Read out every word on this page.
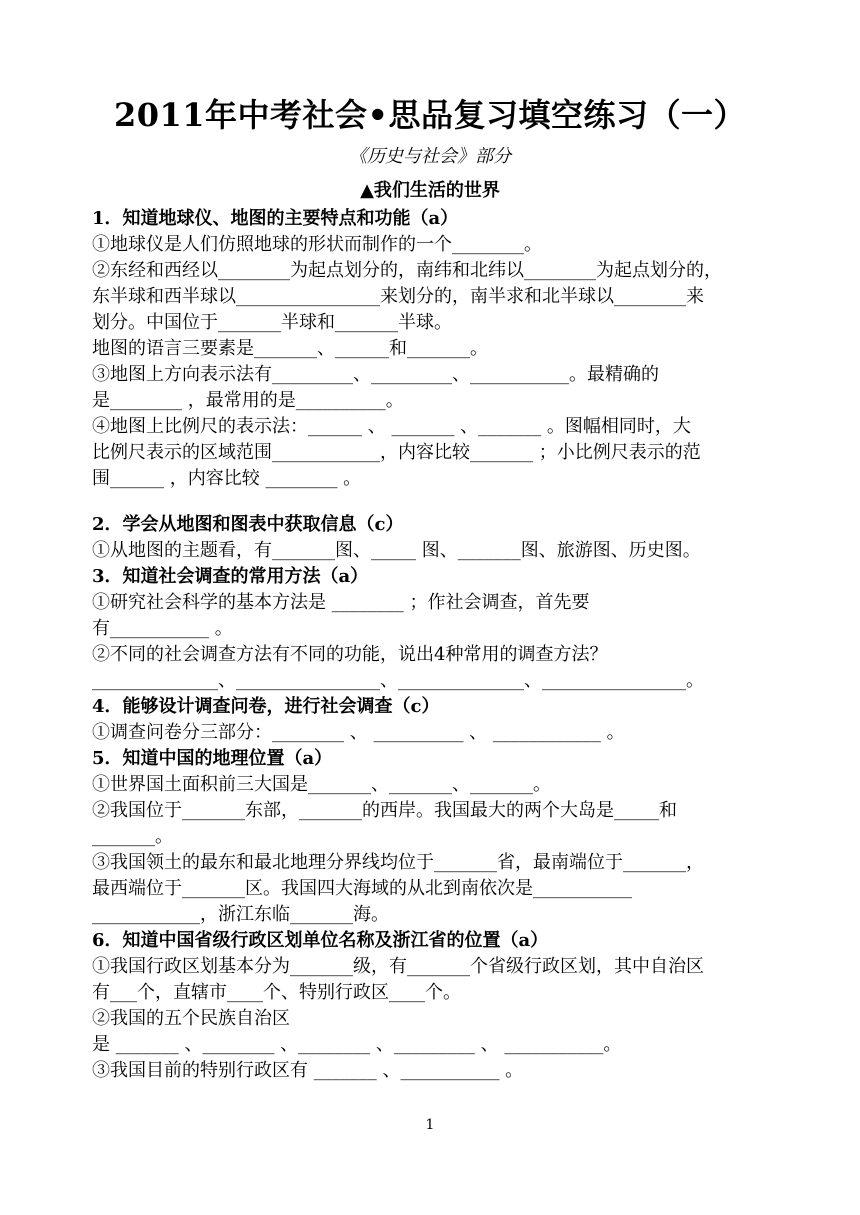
2011年中考社会•思品复习填空练习（一）
《历史与社会》部分
▲我们生活的世界
1．知道地球仪、地图的主要特点和功能（a）
①地球仪是人们仿照地球的形状而制作的一个________。
②东经和西经以________为起点划分的，南纬和北纬以________为起点划分的，
东半球和西半球以________________来划分的，南半求和北半球以________来
划分。中国位于_______半球和_______半球。
地图的语言三要素是_______、______和_______。
③地图上方向表示法有_________、_________、___________。最精确的
是________ ，最常用的是__________。
④地图上比例尺的表示法：______ 、 _______ 、_______ 。图幅相同时，大
比例尺表示的区域范围____________，内容比较_______ ；小比例尺表示的范
围______ ，内容比较 ________ 。
2．学会从地图和图表中获取信息（c）
①从地图的主题看，有_______图、_____ 图、_______图、旅游图、历史图。
3．知道社会调查的常用方法（a）
①研究社会科学的基本方法是 ________ ；作社会调查，首先要
有___________ 。
②不同的社会调查方法有不同的功能，说出4种常用的调查方法？
______________、________________、______________、________________。
4．能够设计调查问卷，进行社会调查（c）
①调查问卷分三部分：________ 、 __________ 、 ____________ 。
5．知道中国的地理位置（a）
①世界国土面积前三大国是_______、_______、_______。
②我国位于_______东部，_______的西岸。我国最大的两个大岛是_____和
_______。
③我国领土的最东和最北地理分界线均位于_______省，最南端位于_______，
最西端位于_______区。我国四大海域的从北到南依次是___________
____________，浙江东临_______海。
6．知道中国省级行政区划单位名称及浙江省的位置（a）
①我国行政区划基本分为_______级，有_______个省级行政区划，其中自治区
有___个，直辖市____个、特别行政区____个。
②我国的五个民族自治区
是 _______ 、________ 、________ 、_________ 、 ___________。
③我国目前的特别行政区有 _______ 、___________ 。
1
